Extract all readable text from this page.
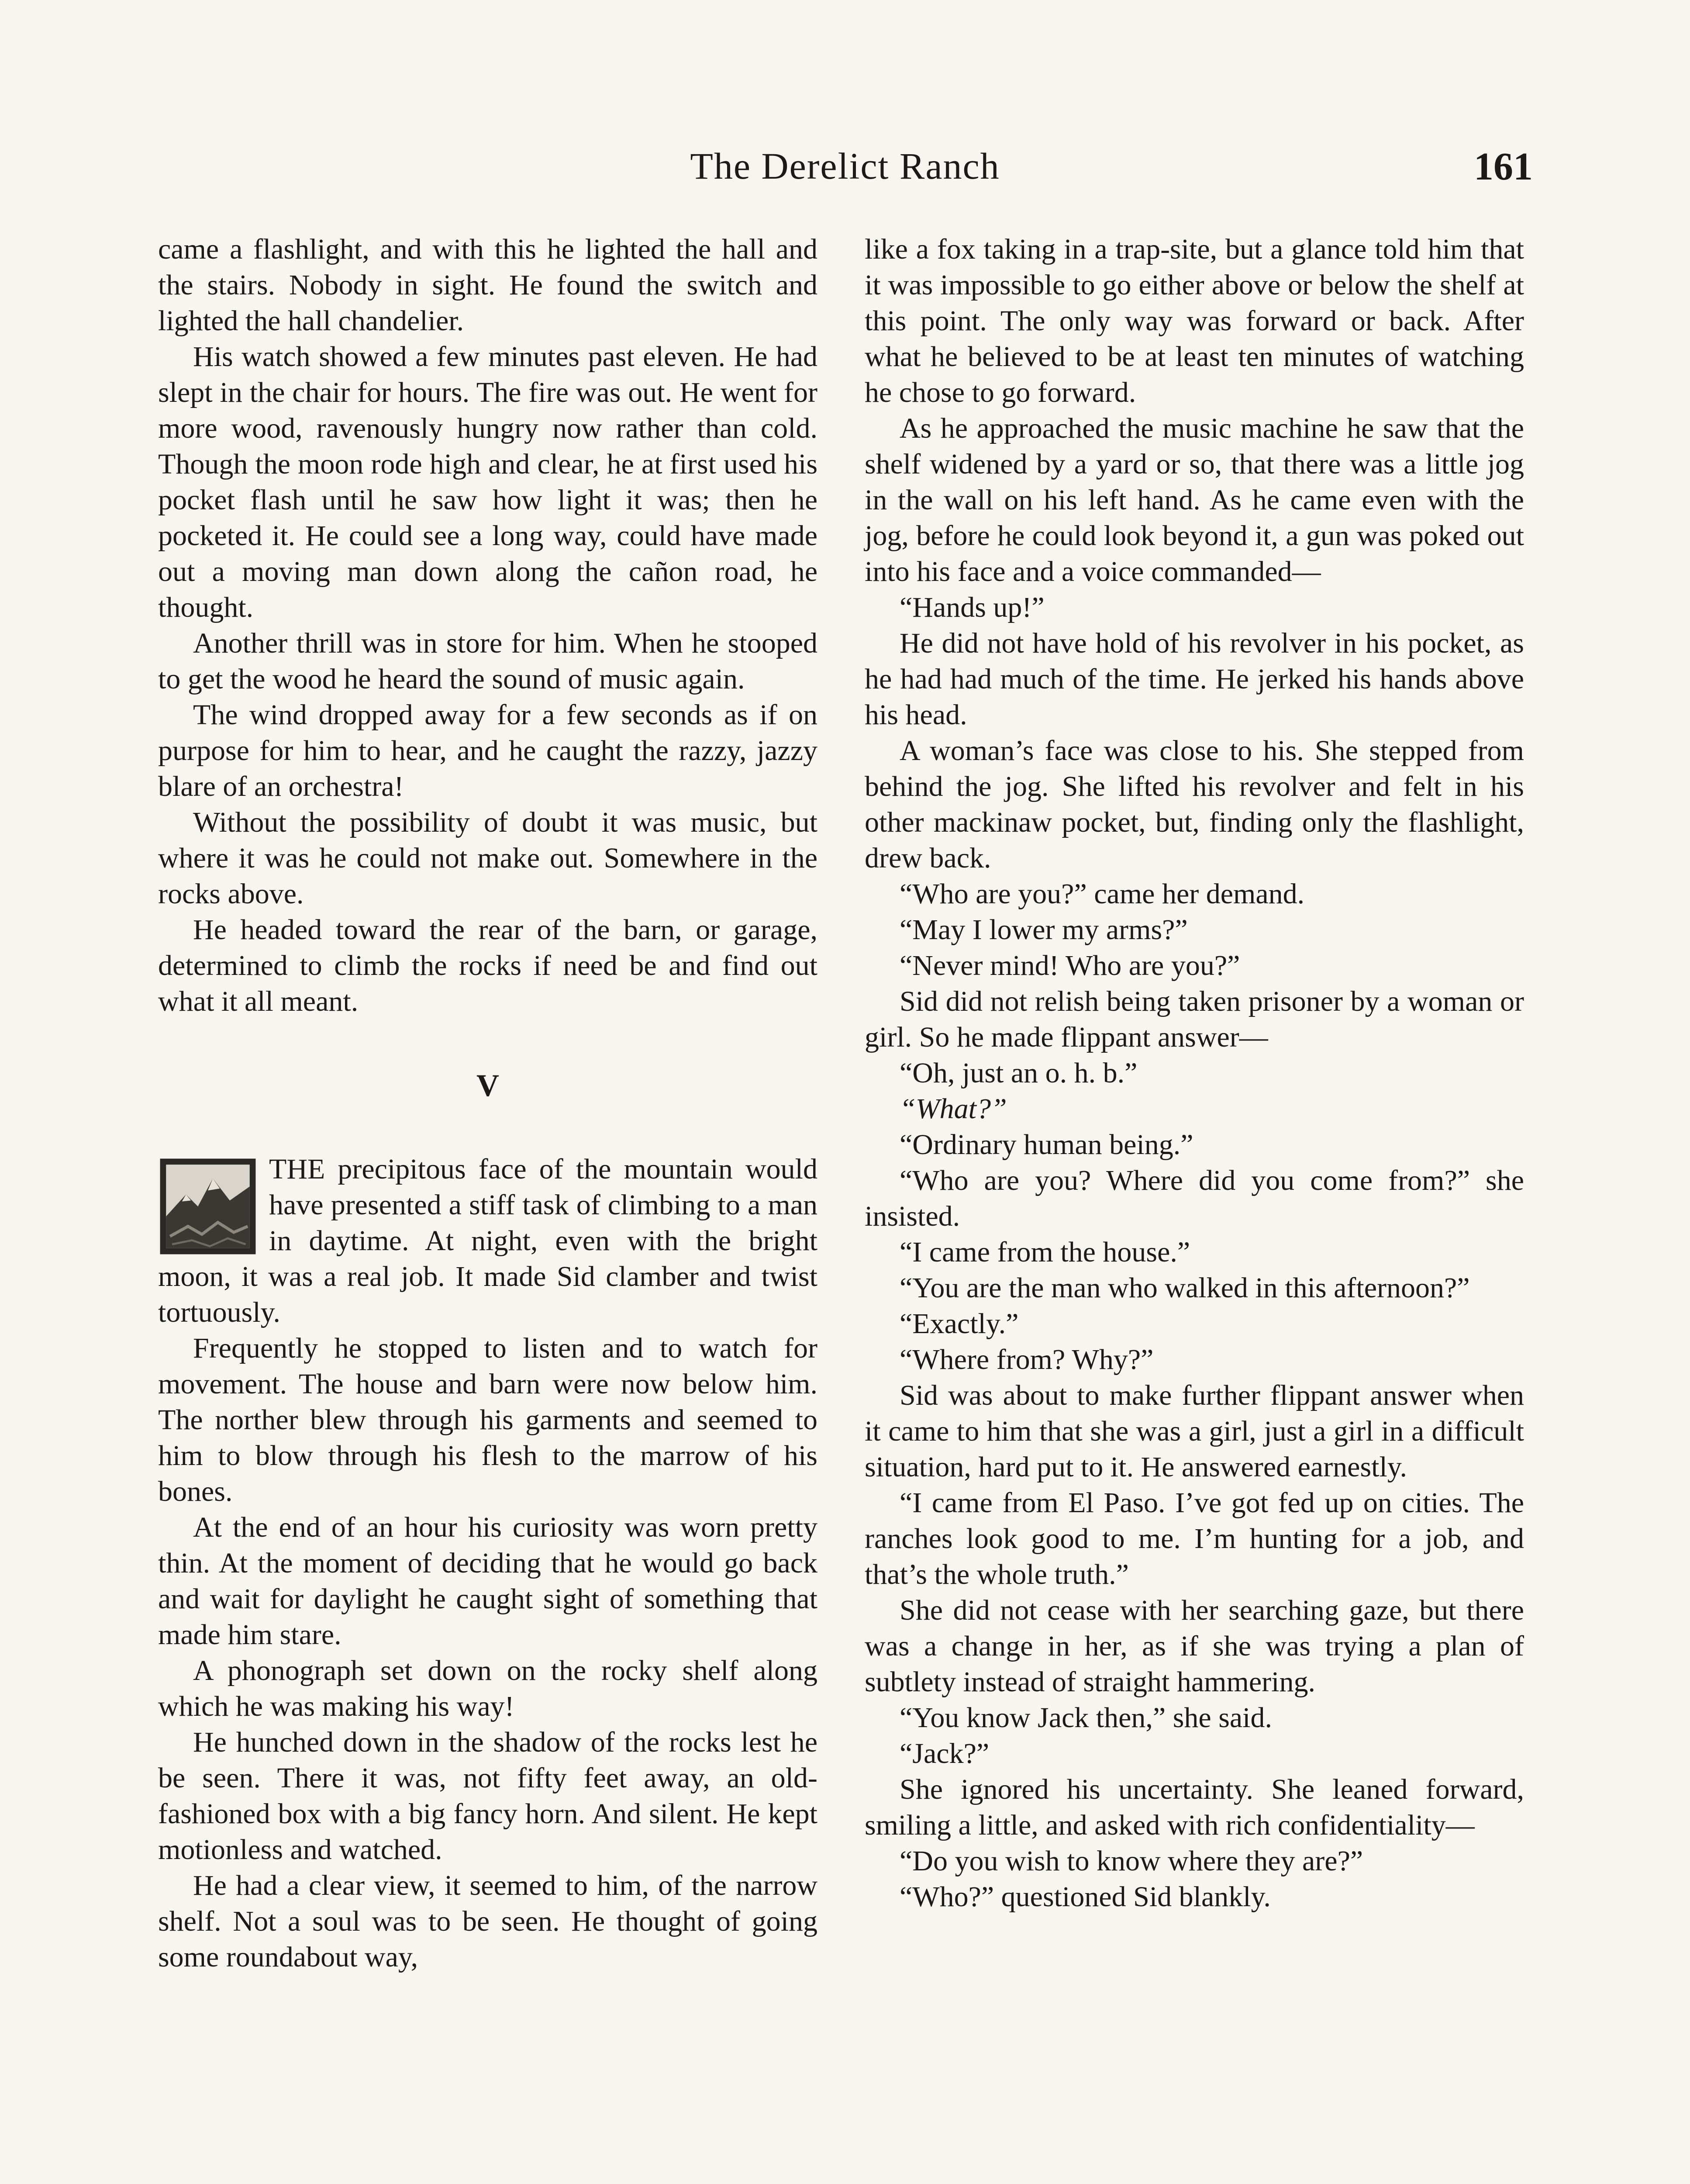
The Derelict Ranch	161

came a flashlight, and with this he lighted the hall and the stairs. Nobody in sight. He found the switch and lighted the hall chandelier.

His watch showed a few minutes past eleven. He had slept in the chair for hours. The fire was out. He went for more wood, ravenously hungry now rather than cold. Though the moon rode high and clear, he at first used his pocket flash until he saw how light it was; then he pocketed it. He could see a long way, could have made out a moving man down along the cañon road, he thought.

Another thrill was in store for him. When he stooped to get the wood he heard the sound of music again.

The wind dropped away for a few seconds as if on purpose for him to hear, and he caught the razzy, jazzy blare of an orchestra!

Without the possibility of doubt it was music, but where it was he could not make out. Somewhere in the rocks above.

He headed toward the rear of the barn, or garage, determined to climb the rocks if need be and find out what it all meant.

V

THE precipitous face of the mountain would have presented a stiff task of climbing to a man in daytime. At night, even with the bright moon, it was a real job. It made Sid clamber and twist tortuously.

Frequently he stopped to listen and to watch for movement. The house and barn were now below him. The norther blew through his garments and seemed to him to blow through his flesh to the marrow of his bones.

At the end of an hour his curiosity was worn pretty thin. At the moment of deciding that he would go back and wait for daylight he caught sight of something that made him stare.

A phonograph set down on the rocky shelf along which he was making his way!

He hunched down in the shadow of the rocks lest he be seen. There it was, not fifty feet away, an old-fashioned box with a big fancy horn. And silent. He kept motionless and watched.

He had a clear view, it seemed to him, of the narrow shelf. Not a soul was to be seen. He thought of going some roundabout way,

like a fox taking in a trap-site, but a glance told him that it was impossible to go either above or below the shelf at this point. The only way was forward or back. After what he believed to be at least ten minutes of watching he chose to go forward.

As he approached the music machine he saw that the shelf widened by a yard or so, that there was a little jog in the wall on his left hand. As he came even with the jog, before he could look beyond it, a gun was poked out into his face and a voice commanded—

“Hands up!”

He did not have hold of his revolver in his pocket, as he had had much of the time. He jerked his hands above his head.

A woman’s face was close to his. She stepped from behind the jog. She lifted his revolver and felt in his other mackinaw pocket, but, finding only the flashlight, drew back.

“Who are you?” came her demand.

“May I lower my arms?”

“Never mind! Who are you?”

Sid did not relish being taken prisoner by a woman or girl. So he made flippant answer—

“Oh, just an o. h. b.”

“What?”

“Ordinary human being.”

“Who are you? Where did you come from?” she insisted.

“I came from the house.”

“You are the man who walked in this afternoon?”

“Exactly.”

“Where from? Why?”

Sid was about to make further flippant answer when it came to him that she was a girl, just a girl in a difficult situation, hard put to it. He answered earnestly.

“I came from El Paso. I’ve got fed up on cities. The ranches look good to me. I’m hunting for a job, and that’s the whole truth.”

She did not cease with her searching gaze, but there was a change in her, as if she was trying a plan of subtlety instead of straight hammering.

“You know Jack then,” she said.

“Jack?”

She ignored his uncertainty. She leaned forward, smiling a little, and asked with rich confidentiality—

“Do you wish to know where they are?”

“Who?” questioned Sid blankly.
